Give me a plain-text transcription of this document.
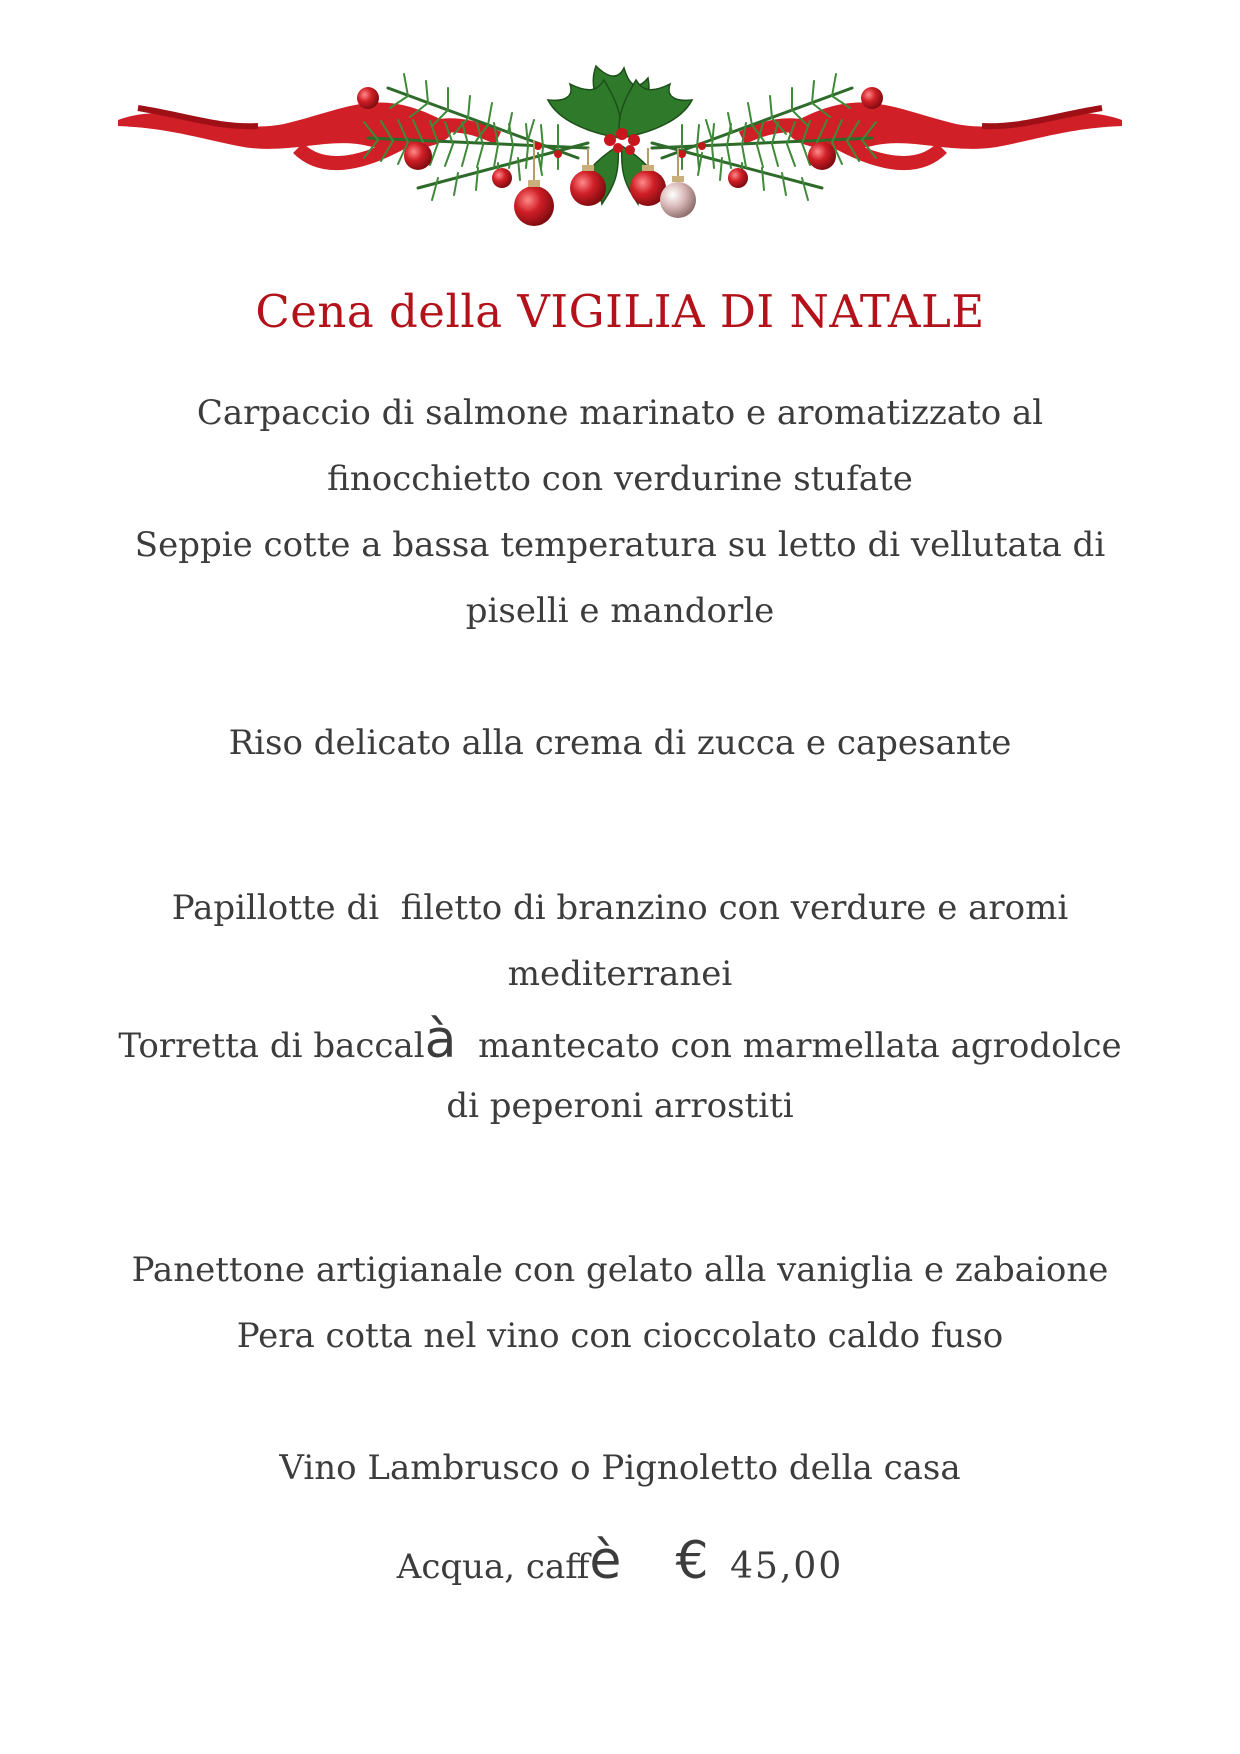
Cena della VIGILIA DI NATALE
Carpaccio di salmone marinato e aromatizzato al
finocchietto con verdurine stufate
Seppie cotte a bassa temperatura su letto di vellutata di
piselli e mandorle
Riso delicato alla crema di zucca e capesante
Papillotte di  filetto di branzino con verdure e aromi
mediterranei
Torretta di baccalà  mantecato con marmellata agrodolce
di peperoni arrostiti
Panettone artigianale con gelato alla vaniglia e zabaione
Pera cotta nel vino con cioccolato caldo fuso
Vino Lambrusco o Pignoletto della casa
Acqua, caffè € 45,00
